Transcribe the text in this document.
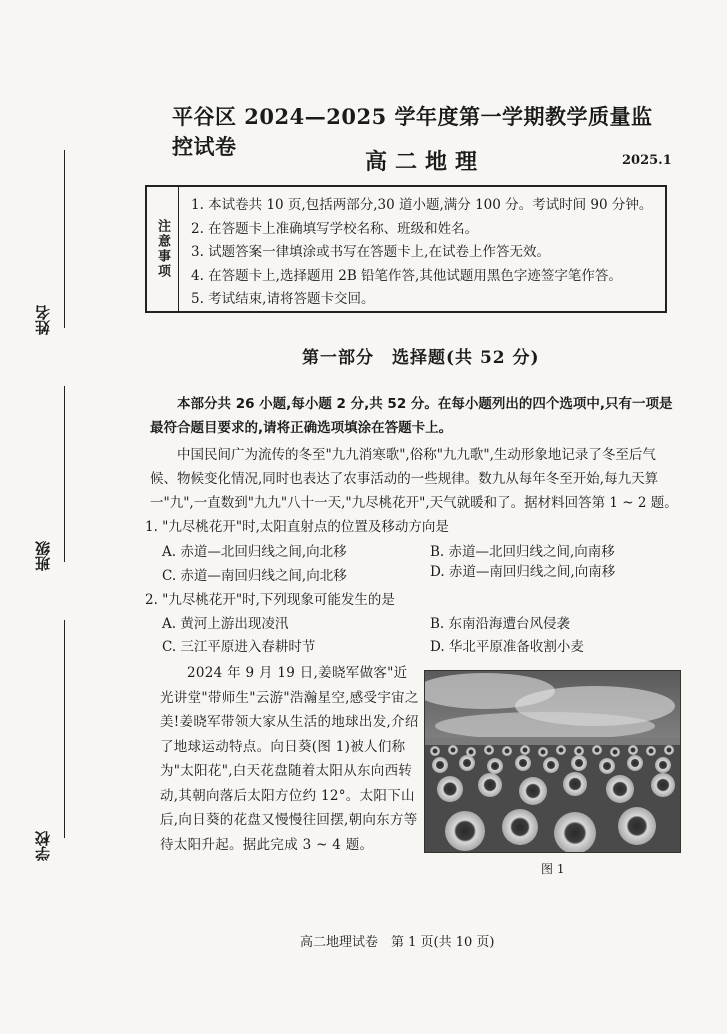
姓名
班级
学校
平谷区 2024—2025 学年度第一学期教学质量监控试卷
高二地理	2025.1
注意事项
1. 本试卷共 10 页,包括两部分,30 道小题,满分 100 分。考试时间 90 分钟。
2. 在答题卡上准确填写学校名称、班级和姓名。
3. 试题答案一律填涂或书写在答题卡上,在试卷上作答无效。
4. 在答题卡上,选择题用 2B 铅笔作答,其他试题用黑色字迹签字笔作答。
5. 考试结束,请将答题卡交回。
第一部分　选择题(共 52 分)
本部分共 26 小题,每小题 2 分,共 52 分。在每小题列出的四个选项中,只有一项是最符合题目要求的,请将正确选项填涂在答题卡上。
中国民间广为流传的冬至"九九消寒歌",俗称"九九歌",生动形象地记录了冬至后气候、物候变化情况,同时也表达了农事活动的一些规律。数九从每年冬至开始,每九天算一"九",一直数到"九九"八十一天,"九尽桃花开",天气就暖和了。据材料回答第 1 ~ 2 题。
1. "九尽桃花开"时,太阳直射点的位置及移动方向是
A. 赤道—北回归线之间,向北移	B. 赤道—北回归线之间,向南移
C. 赤道—南回归线之间,向北移	D. 赤道—南回归线之间,向南移
2. "九尽桃花开"时,下列现象可能发生的是
A. 黄河上游出现凌汛	B. 东南沿海遭台风侵袭
C. 三江平原进入春耕时节	D. 华北平原准备收割小麦
2024 年 9 月 19 日,姜晓军做客"近光讲堂"带师生"云游"浩瀚星空,感受宇宙之美!姜晓军带领大家从生活的地球出发,介绍了地球运动特点。向日葵(图 1)被人们称为"太阳花",白天花盘随着太阳从东向西转动,其朝向落后太阳方位约 12°。太阳下山后,向日葵的花盘又慢慢往回摆,朝向东方等待太阳升起。据此完成 3 ~ 4 题。
图 1
高二地理试卷　第 1 页(共 10 页)
